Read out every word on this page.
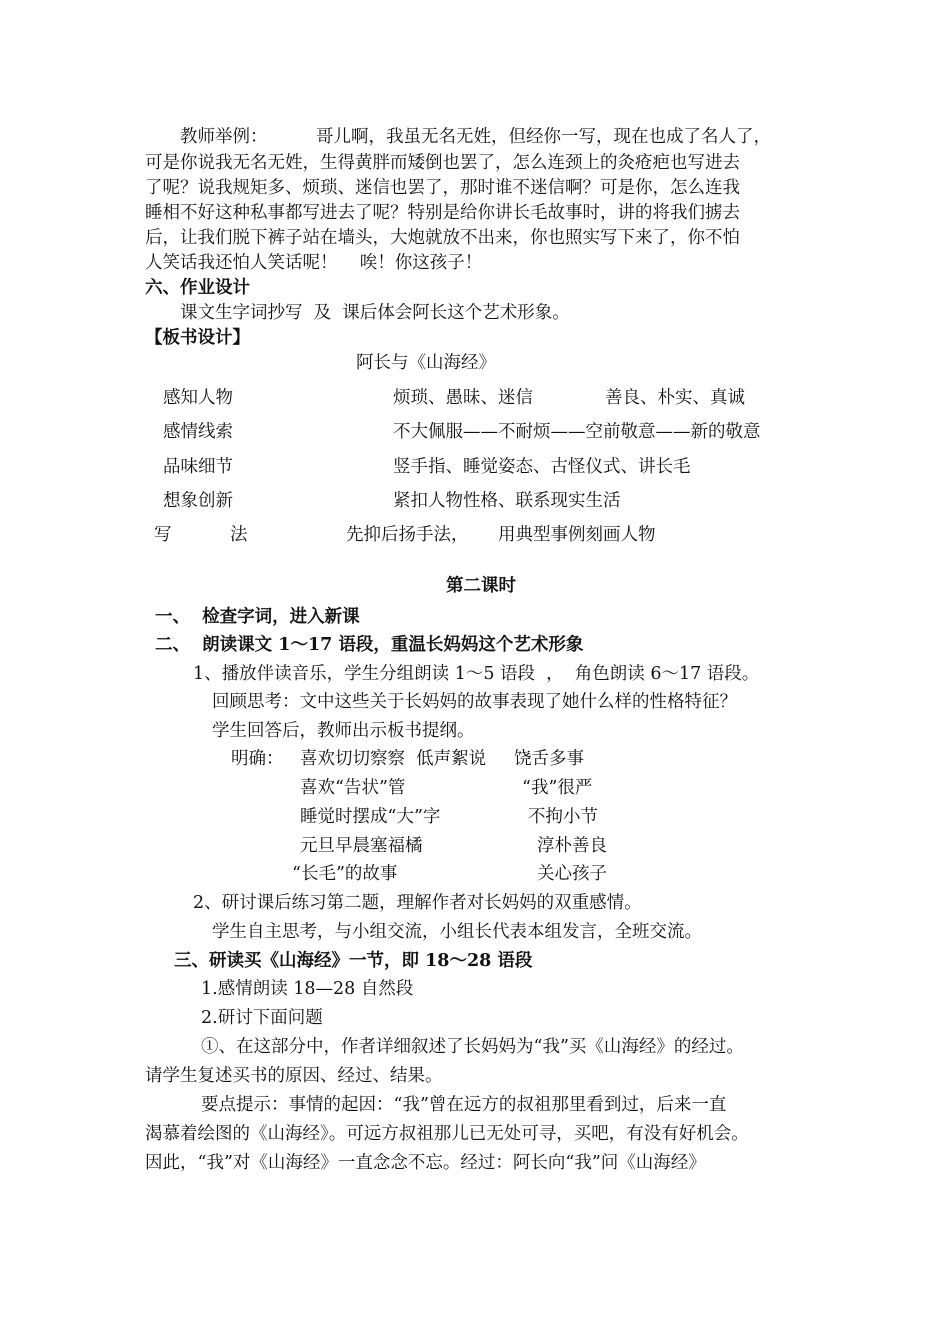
教师举例：	哥儿啊，我虽无名无姓，但经你一写，现在也成了名人了，
可是你说我无名无姓，生得黄胖而矮倒也罢了，怎么连颈上的灸疮疤也写进去
了呢？说我规矩多、烦琐、迷信也罢了，那时谁不迷信啊？可是你，怎么连我
睡相不好这种私事都写进去了呢？特别是给你讲长毛故事时，讲的将我们掳去
后，让我们脱下裤子站在墙头，大炮就放不出来，你也照实写下来了，你不怕
人笑话我还怕人笑话呢！    唉！你这孩子！
六、作业设计
课文生字词抄写  及  课后体会阿长这个艺术形象。
【板书设计】
阿长与《山海经》
感知人物	烦琐、愚昧、迷信	善良、朴实、真诚
感情线索	不大佩服——不耐烦——空前敬意——新的敬意
品味细节	竖手指、睡觉姿态、古怪仪式、讲长毛
想象创新	紧扣人物性格、联系现实生活
写	法	先抑后扬手法， 用典型事例刻画人物
第二课时
一、  检查字词，进入新课
二、  朗读课文 1～17 语段，重温长妈妈这个艺术形象
1、播放伴读音乐，学生分组朗读 1～5 语段  ，  角色朗读 6～17 语段。
回顾思考：文中这些关于长妈妈的故事表现了她什么样的性格特征？
学生回答后，教师出示板书提纲。
明确： 喜欢切切察察  低声絮说 饶舌多事
喜欢“告状”管	“我”很严
睡觉时摆成“大”字	不拘小节
元旦早晨塞福橘	淳朴善良
“长毛”的故事	关心孩子
2、研讨课后练习第二题，理解作者对长妈妈的双重感情。
学生自主思考，与小组交流，小组长代表本组发言，全班交流。
三、研读买《山海经》一节，即 18～28 语段
1.感情朗读 18—28 自然段
2.研讨下面问题
①、在这部分中，作者详细叙述了长妈妈为“我”买《山海经》的经过。
请学生复述买书的原因、经过、结果。
要点提示：事情的起因：“我”曾在远方的叔祖那里看到过，后来一直
渴慕着绘图的《山海经》。可远方叔祖那儿已无处可寻，买吧，有没有好机会。
因此，“我”对《山海经》一直念念不忘。经过：阿长向“我”问《山海经》
